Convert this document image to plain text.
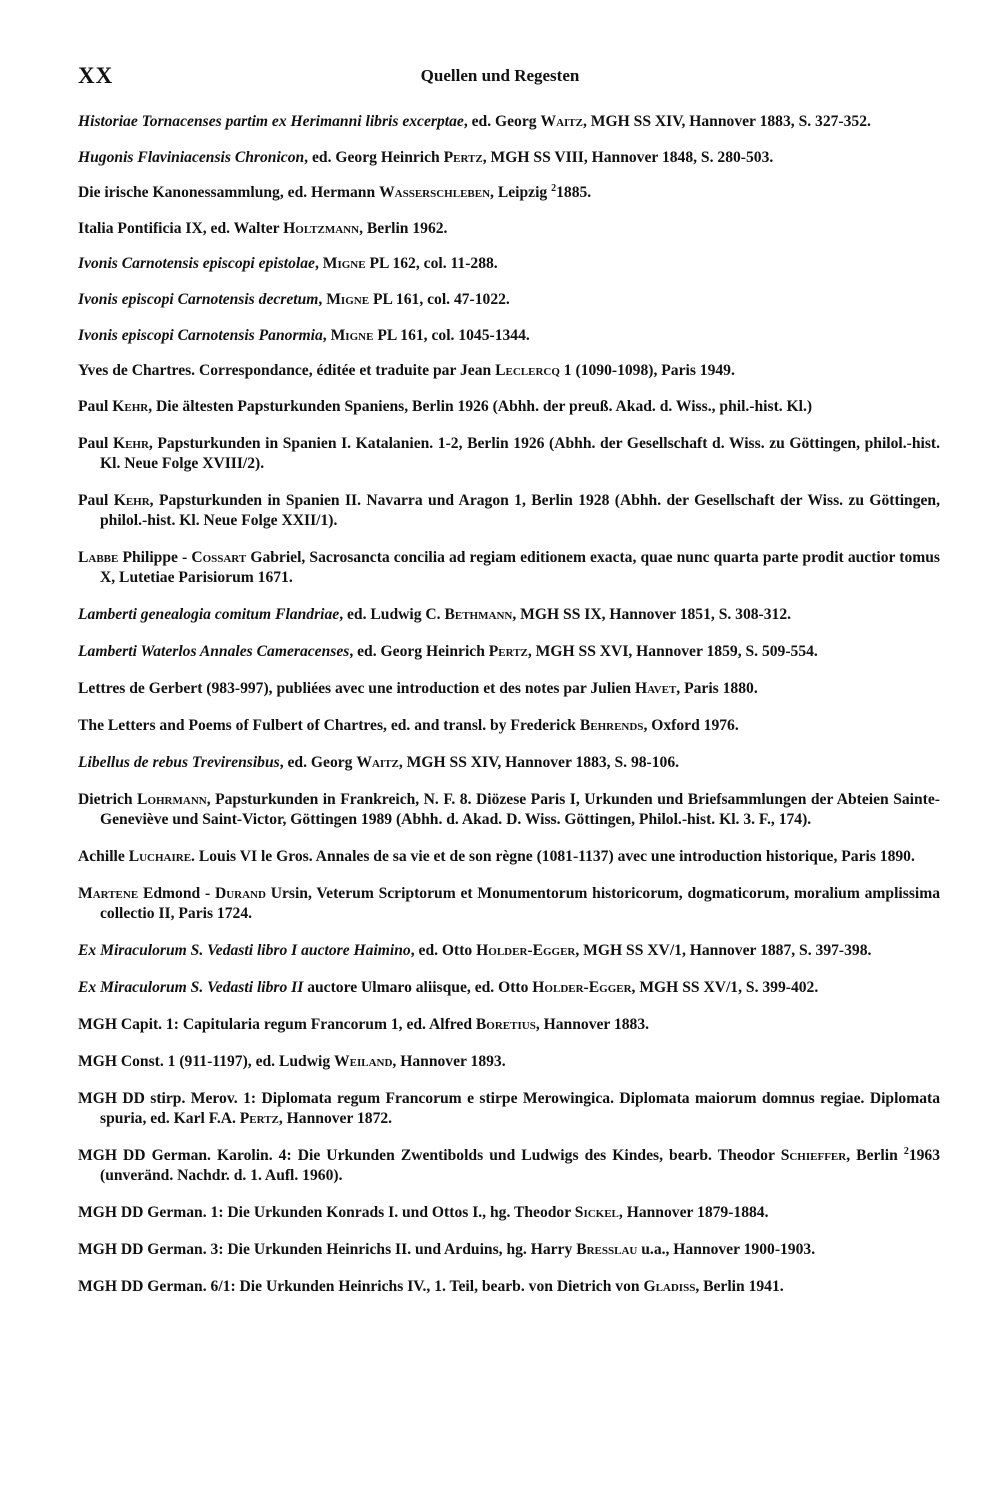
XX	Quellen und Regesten

Historiae Tornacenses partim ex Herimanni libris excerptae, ed. Georg Waitz, MGH SS XIV, Hannover 1883, S. 327-352.

Hugonis Flaviniacensis Chronicon, ed. Georg Heinrich Pertz, MGH SS VIII, Hannover 1848, S. 280-503.

Die irische Kanonessammlung, ed. Hermann Wasserschleben, Leipzig $^2$1885.

Italia Pontificia IX, ed. Walter Holtzmann, Berlin 1962.

Ivonis Carnotensis episcopi epistolae, Migne PL 162, col. 11-288.

Ivonis episcopi Carnotensis decretum, Migne PL 161, col. 47-1022.

Ivonis episcopi Carnotensis Panormia, Migne PL 161, col. 1045-1344.

Yves de Chartres. Correspondance, éditée et traduite par Jean Leclercq 1 (1090-1098), Paris 1949.

Paul Kehr, Die ältesten Papsturkunden Spaniens, Berlin 1926 (Abhh. der preuß. Akad. d. Wiss., phil.-hist. Kl.)

Paul Kehr, Papsturkunden in Spanien I. Katalanien. 1-2, Berlin 1926 (Abhh. der Gesellschaft d. Wiss. zu Göttingen, philol.-hist. Kl. Neue Folge XVIII/2).

Paul Kehr, Papsturkunden in Spanien II. Navarra und Aragon 1, Berlin 1928 (Abhh. der Gesellschaft der Wiss. zu Göttingen, philol.-hist. Kl. Neue Folge XXII/1).

Labbe Philippe - Cossart Gabriel, Sacrosancta concilia ad regiam editionem exacta, quae nunc quarta parte prodit auctior tomus X, Lutetiae Parisiorum 1671.

Lamberti genealogia comitum Flandriae, ed. Ludwig C. Bethmann, MGH SS IX, Hannover 1851, S. 308-312.

Lamberti Waterlos Annales Cameracenses, ed. Georg Heinrich Pertz, MGH SS XVI, Hannover 1859, S. 509-554.

Lettres de Gerbert (983-997), publiées avec une introduction et des notes par Julien Havet, Paris 1880.

The Letters and Poems of Fulbert of Chartres, ed. and transl. by Frederick Behrends, Oxford 1976.

Libellus de rebus Trevirensibus, ed. Georg Waitz, MGH SS XIV, Hannover 1883, S. 98-106.

Dietrich Lohrmann, Papsturkunden in Frankreich, N. F. 8. Diözese Paris I, Urkunden und Briefsammlungen der Abteien Sainte-Geneviève und Saint-Victor, Göttingen 1989 (Abhh. d. Akad. D. Wiss. Göttingen, Philol.-hist. Kl. 3. F., 174).

Achille Luchaire. Louis VI le Gros. Annales de sa vie et de son règne (1081-1137) avec une introduction historique, Paris 1890.

Martene Edmond - Durand Ursin, Veterum Scriptorum et Monumentorum historicorum, dogmaticorum, moralium amplissima collectio II, Paris 1724.

Ex Miraculorum S. Vedasti libro I auctore Haimino, ed. Otto Holder-Egger, MGH SS XV/1, Hannover 1887, S. 397-398.

Ex Miraculorum S. Vedasti libro II auctore Ulmaro aliisque, ed. Otto Holder-Egger, MGH SS XV/1, S. 399-402.

MGH Capit. 1: Capitularia regum Francorum 1, ed. Alfred Boretius, Hannover 1883.

MGH Const. 1 (911-1197), ed. Ludwig Weiland, Hannover 1893.

MGH DD stirp. Merov. 1: Diplomata regum Francorum e stirpe Merowingica. Diplomata maiorum domnus regiae. Diplomata spuria, ed. Karl F.A. Pertz, Hannover 1872.

MGH DD German. Karolin. 4: Die Urkunden Zwentibolds und Ludwigs des Kindes, bearb. Theodor Schieffer, Berlin $^2$1963 (unveränd. Nachdr. d. 1. Aufl. 1960).

MGH DD German. 1: Die Urkunden Konrads I. und Ottos I., hg. Theodor Sickel, Hannover 1879-1884.

MGH DD German. 3: Die Urkunden Heinrichs II. und Arduins, hg. Harry Bresslau u.a., Hannover 1900-1903.

MGH DD German. 6/1: Die Urkunden Heinrichs IV., 1. Teil, bearb. von Dietrich von Gladiss, Berlin 1941.
